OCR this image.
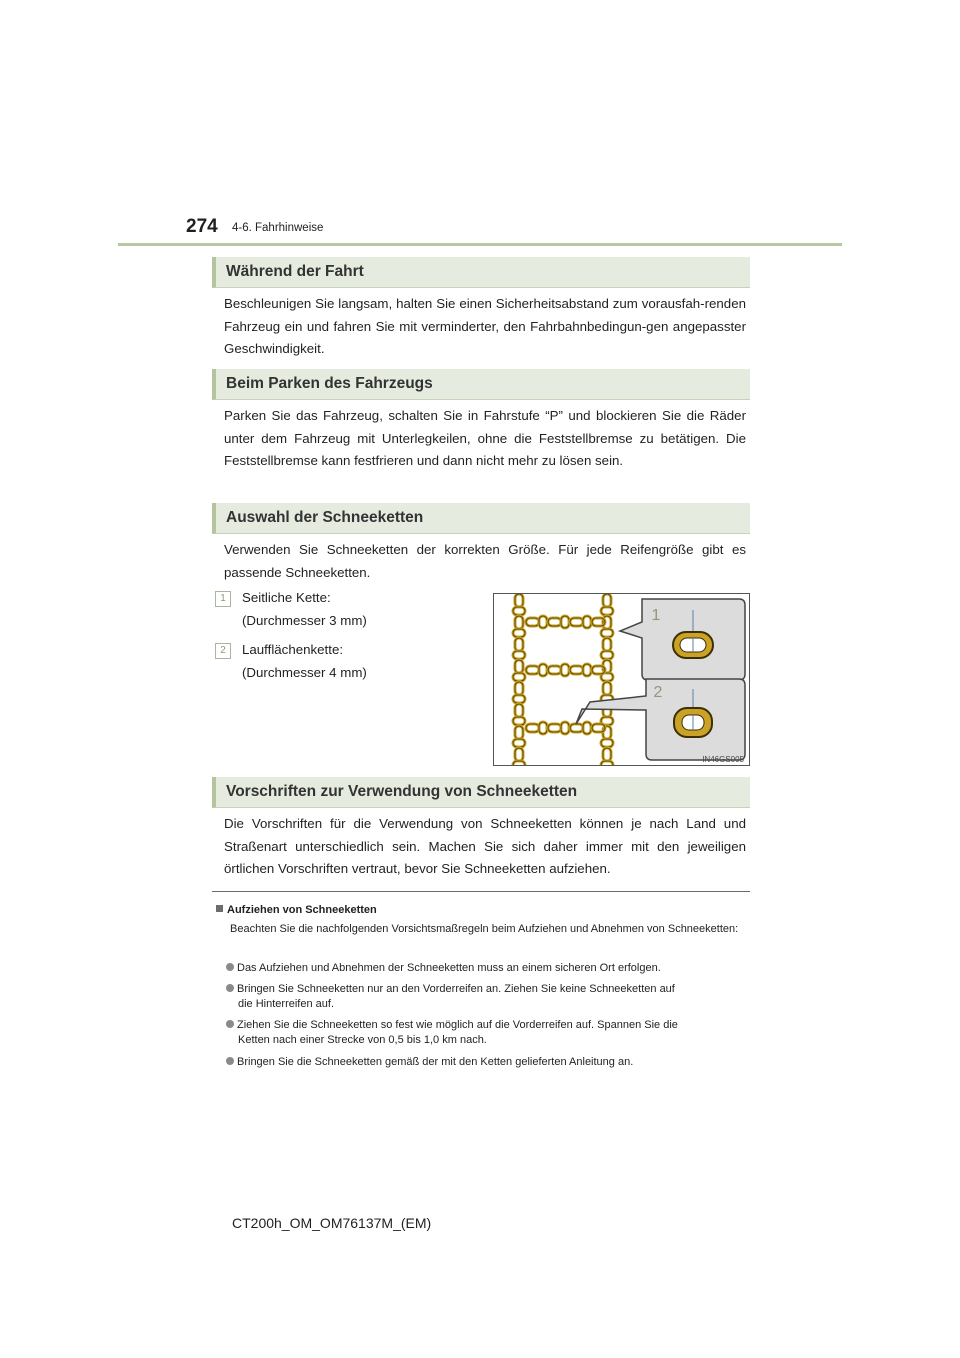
274 4-6. Fahrhinweise
Während der Fahrt

Beschleunigen Sie langsam, halten Sie einen Sicherheitsabstand zum vorausfah-renden Fahrzeug ein und fahren Sie mit verminderter, den Fahrbahnbedingun-gen angepasster Geschwindigkeit.

Beim Parken des Fahrzeugs

Parken Sie das Fahrzeug, schalten Sie in Fahrstufe “P” und blockieren Sie die Räder unter dem Fahrzeug mit Unterlegkeilen, ohne die Feststellbremse zu betätigen. Die Feststellbremse kann festfrieren und dann nicht mehr zu lösen sein.

Auswahl der Schneeketten

Verwenden Sie Schneeketten der korrekten Größe. Für jede Reifengröße gibt es passende Schneeketten.

1	Seitliche Kette:
(Durchmesser 3 mm)
2	Laufflächenkette:
(Durchmesser 4 mm)
1
2
IN46GS005
Vorschriften zur Verwendung von Schneeketten

Die Vorschriften für die Verwendung von Schneeketten können je nach Land und Straßenart unterschiedlich sein. Machen Sie sich daher immer mit den jeweiligen örtlichen Vorschriften vertraut, bevor Sie Schneeketten aufziehen.

Aufziehen von Schneeketten

Beachten Sie die nachfolgenden Vorsichtsmaßregeln beim Aufziehen und Abnehmen von Schneeketten:

Das Aufziehen und Abnehmen der Schneeketten muss an einem sicheren Ort erfolgen.
Bringen Sie Schneeketten nur an den Vorderreifen an. Ziehen Sie keine Schneeketten auf
die Hinterreifen auf.
Ziehen Sie die Schneeketten so fest wie möglich auf die Vorderreifen auf. Spannen Sie die
Ketten nach einer Strecke von 0,5 bis 1,0 km nach.
Bringen Sie die Schneeketten gemäß der mit den Ketten gelieferten Anleitung an.
CT200h_OM_OM76137M_(EM)
